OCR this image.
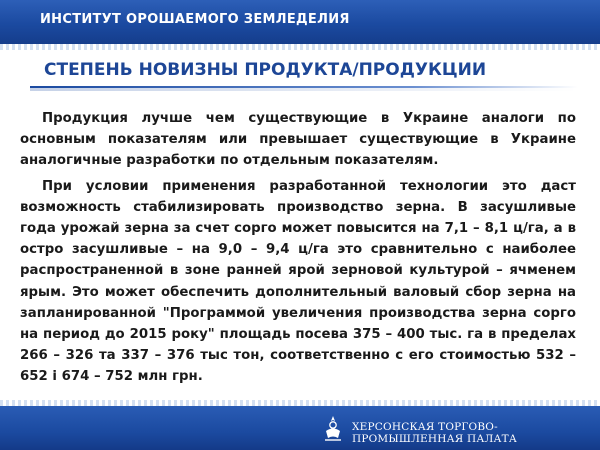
ИНСТИТУТ ОРОШАЕМОГО ЗЕМЛЕДЕЛИЯ
СТЕПЕНЬ НОВИЗНЫ ПРОДУКТА/ПРОДУКЦИИ

Продукция лучше чем существующие в Украине аналоги по основным показателям или превышает существующие в Украине аналогичные разработки по отдельным показателям.

При условии применения разработанной технологии это даст возможность стабилизировать производство зерна. В засушливые года урожай зерна за счет сорго может повысится на 7,1 – 8,1 ц/га, а в остро засушливые – на 9,0 – 9,4 ц/га это сравнительно с наиболее распространенной в зоне ранней ярой зерновой культурой – ячменем ярым. Это может обеспечить дополнительный валовый сбор зерна на запланированной "Программой увеличения производства зерна сорго на период до 2015 року" площадь посева 375 – 400 тыс. га в пределах 266 – 326 та 337 – 376 тыс тон, соответственно с его стоимостью 532 – 652 і 674 – 752 млн грн.

ХЕРСОНСКАЯ ТОРГОВО-ПРОМЫШЛЕННАЯ ПАЛАТА
